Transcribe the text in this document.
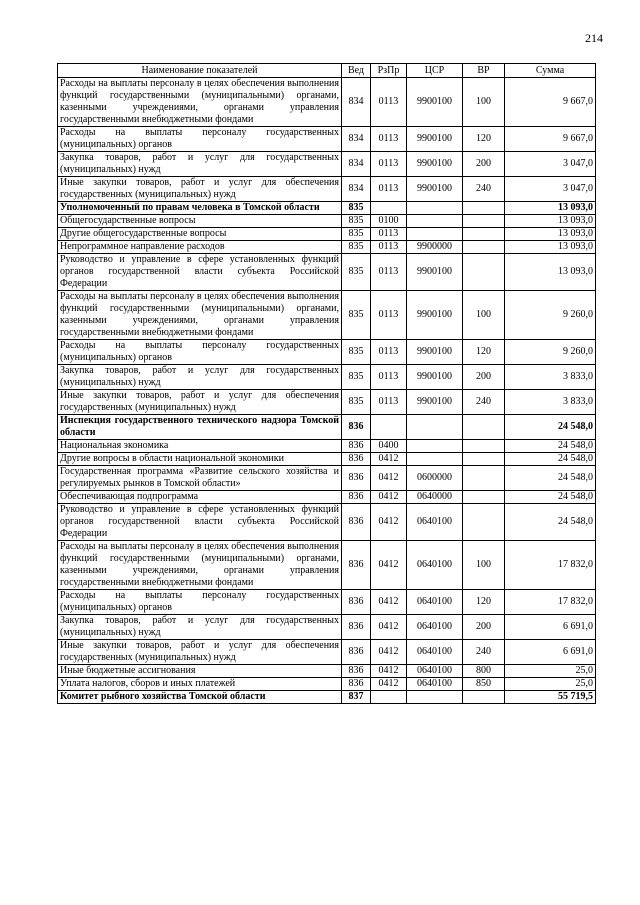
214
Наименование показателей	Вед	РзПр	ЦСР	ВР	Сумма
Расходы на выплаты персоналу в целях обеспечения выполнения функций государственными (муниципальными) органами, казенными учреждениями, органами управления государственными внебюджетными фондами	834	0113	9900100	100	9 667,0
Расходы на выплаты персоналу государственных (муниципальных) органов	834	0113	9900100	120	9 667,0
Закупка товаров, работ и услуг для государственных (муниципальных) нужд	834	0113	9900100	200	3 047,0
Иные закупки товаров, работ и услуг для обеспечения государственных (муниципальных) нужд	834	0113	9900100	240	3 047,0
Уполномоченный по правам человека в Томской области	835				13 093,0
Общегосударственные вопросы	835	0100			13 093,0
Другие общегосударственные вопросы	835	0113			13 093,0
Непрограммное направление расходов	835	0113	9900000		13 093,0
Руководство и управление в сфере установленных функций органов государственной власти субъекта Российской Федерации	835	0113	9900100		13 093,0
Расходы на выплаты персоналу в целях обеспечения выполнения функций государственными (муниципальными) органами, казенными учреждениями, органами управления государственными внебюджетными фондами	835	0113	9900100	100	9 260,0
Расходы на выплаты персоналу государственных (муниципальных) органов	835	0113	9900100	120	9 260,0
Закупка товаров, работ и услуг для государственных (муниципальных) нужд	835	0113	9900100	200	3 833,0
Иные закупки товаров, работ и услуг для обеспечения государственных (муниципальных) нужд	835	0113	9900100	240	3 833,0
Инспекция государственного технического надзора Томской области	836				24 548,0
Национальная экономика	836	0400			24 548,0
Другие вопросы в области национальной экономики	836	0412			24 548,0
Государственная программа «Развитие сельского хозяйства и регулируемых рынков в Томской области»	836	0412	0600000		24 548,0
Обеспечивающая подпрограмма	836	0412	0640000		24 548,0
Руководство и управление в сфере установленных функций органов государственной власти субъекта Российской Федерации	836	0412	0640100		24 548,0
Расходы на выплаты персоналу в целях обеспечения выполнения функций государственными (муниципальными) органами, казенными учреждениями, органами управления государственными внебюджетными фондами	836	0412	0640100	100	17 832,0
Расходы на выплаты персоналу государственных (муниципальных) органов	836	0412	0640100	120	17 832,0
Закупка товаров, работ и услуг для государственных (муниципальных) нужд	836	0412	0640100	200	6 691,0
Иные закупки товаров, работ и услуг для обеспечения государственных (муниципальных) нужд	836	0412	0640100	240	6 691,0
Иные бюджетные ассигнования	836	0412	0640100	800	25,0
Уплата налогов, сборов и иных платежей	836	0412	0640100	850	25,0
Комитет рыбного хозяйства Томской области	837				55 719,5
